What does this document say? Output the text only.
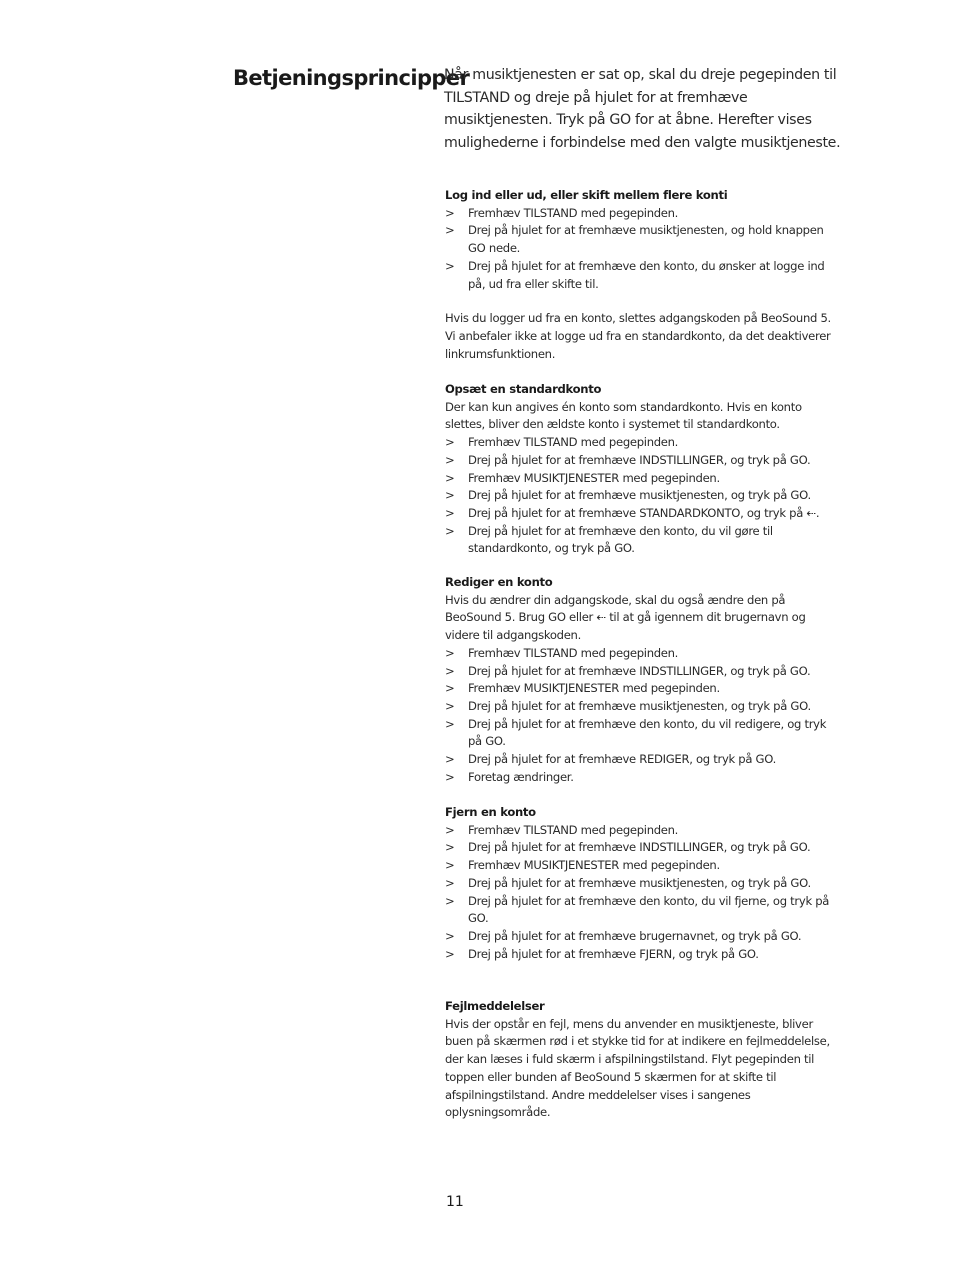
Betjeningsprincipper
Når musiktjenesten er sat op, skal du dreje pegepinden til TILSTAND og dreje på hjulet for at fremhæve musiktjenesten. Tryk på GO for at åbne. Herefter vises mulighederne i forbindelse med den valgte musiktjeneste.
Log ind eller ud, eller skift mellem flere konti
> Fremhæv TILSTAND med pegepinden.
> Drej på hjulet for at fremhæve musiktjenesten, og hold knappen GO nede.
> Drej på hjulet for at fremhæve den konto, du ønsker at logge ind på, ud fra eller skifte til.

Hvis du logger ud fra en konto, slettes adgangskoden på BeoSound 5. Vi anbefaler ikke at logge ud fra en standardkonto, da det deaktiverer linkrumsfunktionen.

Opsæt en standardkonto

Der kan kun angives én konto som standardkonto. Hvis en konto slettes, bliver den ældste konto i systemet til standardkonto.

> Fremhæv TILSTAND med pegepinden.
> Drej på hjulet for at fremhæve INDSTILLINGER, og tryk på GO.
> Fremhæv MUSIKTJENESTER med pegepinden.
> Drej på hjulet for at fremhæve musiktjenesten, og tryk på GO.
> Drej på hjulet for at fremhæve STANDARDKONTO, og tryk på ⇠.
> Drej på hjulet for at fremhæve den konto, du vil gøre til standardkonto, og tryk på GO.
Rediger en konto

Hvis du ændrer din adgangskode, skal du også ændre den på BeoSound 5. Brug GO eller ⇠ til at gå igennem dit brugernavn og videre til adgangskoden.

> Fremhæv TILSTAND med pegepinden.
> Drej på hjulet for at fremhæve INDSTILLINGER, og tryk på GO.
> Fremhæv MUSIKTJENESTER med pegepinden.
> Drej på hjulet for at fremhæve musiktjenesten, og tryk på GO.
> Drej på hjulet for at fremhæve den konto, du vil redigere, og tryk på GO.
> Drej på hjulet for at fremhæve REDIGER, og tryk på GO.
> Foretag ændringer.
Fjern en konto
> Fremhæv TILSTAND med pegepinden.
> Drej på hjulet for at fremhæve INDSTILLINGER, og tryk på GO.
> Fremhæv MUSIKTJENESTER med pegepinden.
> Drej på hjulet for at fremhæve musiktjenesten, og tryk på GO.
> Drej på hjulet for at fremhæve den konto, du vil fjerne, og tryk på GO.
> Drej på hjulet for at fremhæve brugernavnet, og tryk på GO.
> Drej på hjulet for at fremhæve FJERN, og tryk på GO.
Fejlmeddelelser

Hvis der opstår en fejl, mens du anvender en musiktjeneste, bliver buen på skærmen rød i et stykke tid for at indikere en fejlmeddelelse, der kan læses i fuld skærm i afspilningstilstand. Flyt pegepinden til toppen eller bunden af BeoSound 5 skærmen for at skifte til afspilningstilstand. Andre meddelelser vises i sangenes oplysningsområde.

11
